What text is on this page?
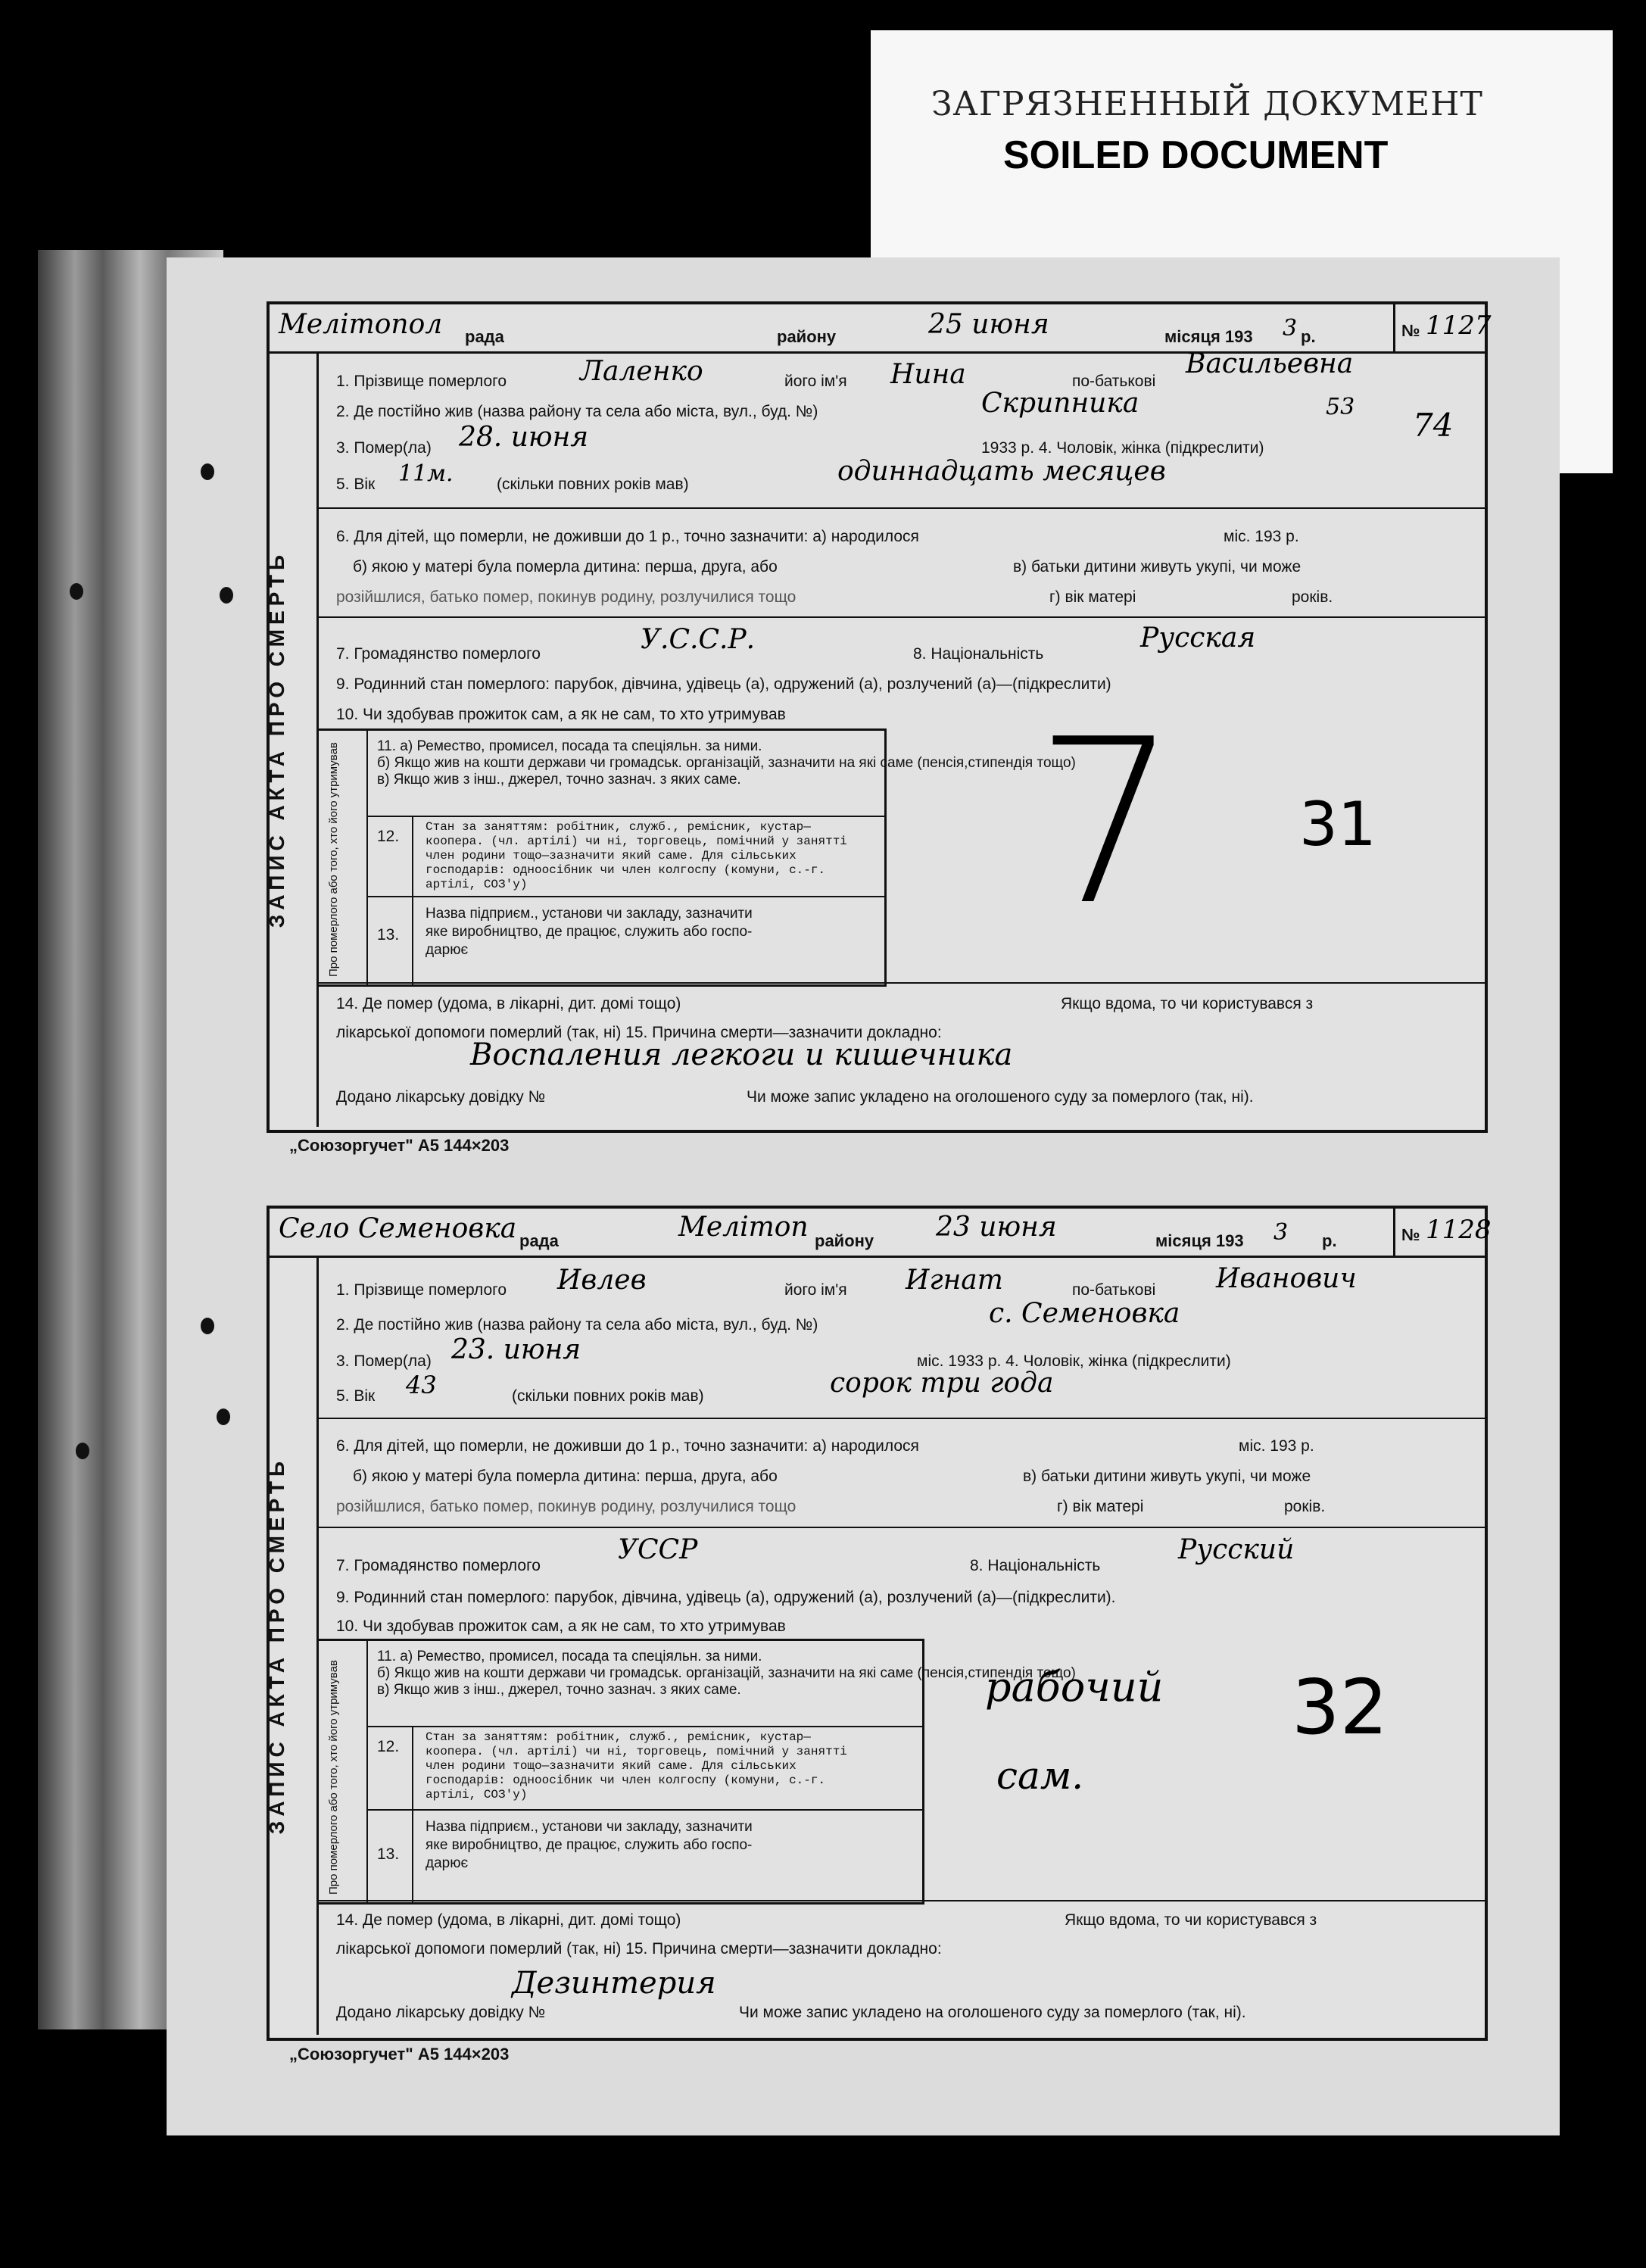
ЗАГРЯЗНЕННЫЙ ДОКУМЕНТ
SOILED DOCUMENT
Мелітопол рада	району	25 июня	місяця 193 3 р.	№ 1127
ЗАПИС АКТА ПРО СМЕРТЬ
1. Прізвище померлого	Лаленко	його ім'я Нина	по-батькові
Васильевна
2. Де постійно жив (назва району та села або міста, вул., буд. №)	Скрипника	53 74
3. Помер(ла) 28. июня	1933 р. 4. Чоловік, жінка (підкреслити)
5. Вік 11м.	(скільки повних років мав)	одиннадцать месяцев
6. Для дітей, що померли, не доживши до 1 р., точно зазначити: а) народилося	міс. 193 р.
б) якою у матері була померла дитина: перша, друга, або	в) батьки дитини живуть укупі, чи може
розійшлися, батько помер, покинув родину, розлучилися тощо	г) вік матері	років.
7. Громадянство померлого	У.С.С.Р.	8. Національність
Русская
9. Родинний стан померлого: парубок, дівчина, удівець (а), одружений (а), розлучений (а)—(підкреслити)
10. Чи здобував прожиток сам, а як не сам, то хто утримував
Про померлого або того, хто його утримував	11. а) Ремество, промисел, посада та спеціяльн. за ними.
б) Якщо жив на кошти держави чи громадськ. організацій, зазначити на які саме (пенсія,стипендія тощо)
в) Якщо жив з інш., джерел, точно зазнач. з яких саме.
12.
Стан за заняттям: робітник, служб., ремісник, кустар—
коопера. (чл. артілі) чи ні, торговець, помічний у занятті
член родини тощо—зазначити який саме. Для сільських
господарів: одноосібник чи член колгоспу (комуни, с.-г.
артілі, СОЗ'у)
13.
Назва підприєм., установи чи закладу, зазначити
яке виробництво, де працює, служить або госпо-
дарює	7 31
14. Де помер (удома, в лікарні, дит. домі тощо)	Якщо вдома, то чи користувався з
лікарської допомоги померлий (так, ні) 15. Причина смерти—зазначити докладно:
Воспаления легкоги и кишечника
Додано лікарську довідку №	Чи може запис укладено на оголошеного суду за померлого (так, ні).
„Союзоргучет" А5 144×203
Село Семеновка рада	Мелітоп району 23 июня	місяця 193 3 р.	№ 1128
ЗАПИС АКТА ПРО СМЕРТЬ
1. Прізвище померлого Ивлев	його ім'я Игнат	по-батькові Иванович
2. Де постійно жив (назва району та села або міста, вул., буд. №)	с. Семеновка
3. Помер(ла) 23. июня	міс. 1933 р. 4. Чоловік, жінка (підкреслити)
5. Вік 43	(скільки повних років мав)	сорок три года
6. Для дітей, що померли, не доживши до 1 р., точно зазначити: а) народилося	міс. 193 р.
б) якою у матері була померла дитина: перша, друга, або	в) батьки дитини живуть укупі, чи може
розійшлися, батько помер, покинув родину, розлучилися тощо	г) вік матері	років.
7. Громадянство померлого
УССР
8. Національність
Русский
9. Родинний стан померлого: парубок, дівчина, удівець (а), одружений (а), розлучений (а)—(підкреслити).
10. Чи здобував прожиток сам, а як не сам, то хто утримував
Про померлого або того, хто його утримував
11. а) Ремество, промисел, посада та спеціяльн. за ними.
б) Якщо жив на кошти держави чи громадськ. організацій, зазначити на які саме (пенсія,стипендія тощо)
в) Якщо жив з інш., джерел, точно зазнач. з яких саме.
12.
Стан за заняттям: робітник, служб., ремісник, кустар—
коопера. (чл. артілі) чи ні, торговець, помічний у занятті
член родини тощо—зазначити який саме. Для сільських
господарів: одноосібник чи член колгоспу (комуни, с.-г.
артілі, СОЗ'у)
13.
Назва підприєм., установи чи закладу, зазначити
яке виробництво, де працює, служить або госпо-
дарює
рабочий
сам.
32
14. Де помер (удома, в лікарні, дит. домі тощо)	Якщо вдома, то чи користувався з
лікарської допомоги померлий (так, ні) 15. Причина смерти—зазначити докладно:
Дезинтерия
Додано лікарську довідку №	Чи може запис укладено на оголошеного суду за померлого (так, ні).
„Союзоргучет" А5 144×203
